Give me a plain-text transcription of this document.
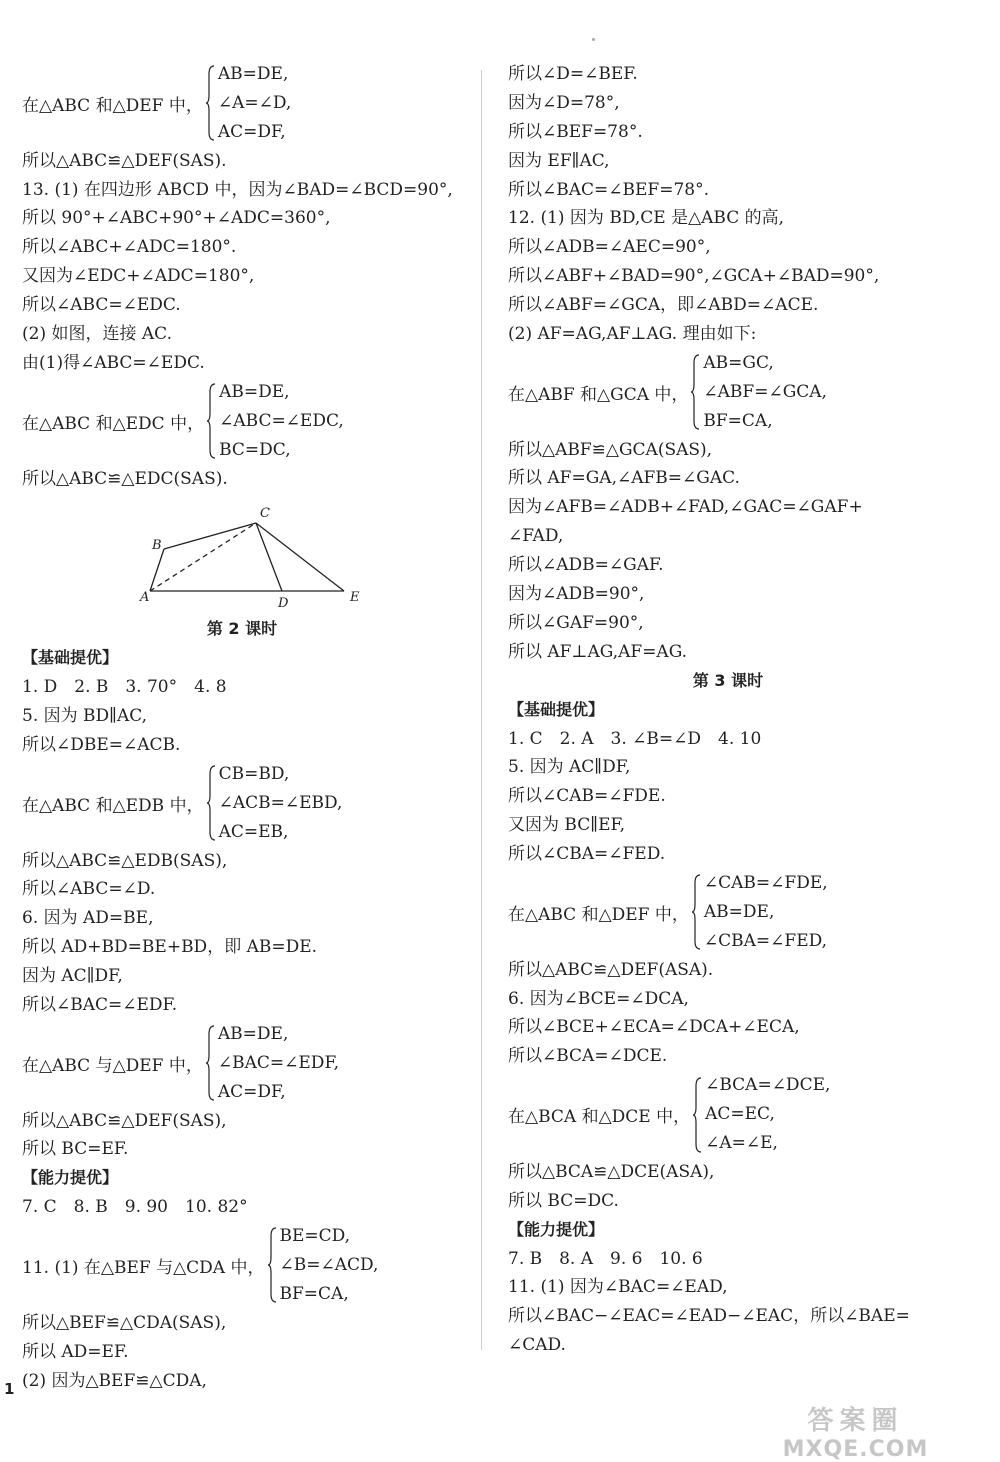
在△ABC 和△DEF 中，
AB=DE,
∠A=∠D,
AC=DF,
所以△ABC≌△DEF(SAS).
13. (1) 在四边形 ABCD 中，因为∠BAD=∠BCD=90°,
所以 90°+∠ABC+90°+∠ADC=360°,
所以∠ABC+∠ADC=180°.
又因为∠EDC+∠ADC=180°,
所以∠ABC=∠EDC.
(2) 如图，连接 AC.
由(1)得∠ABC=∠EDC.
在△ABC 和△EDC 中，
AB=DE,
∠ABC=∠EDC,
BC=DC,
所以△ABC≌△EDC(SAS).
A
B
C
D	E
第 2 课时
【基础提优】
1. D　2. B　3. 70°　4. 8
5. 因为 BD∥AC,
所以∠DBE=∠ACB.
在△ABC 和△EDB 中，
CB=BD,
∠ACB=∠EBD,
AC=EB,
所以△ABC≌△EDB(SAS),
所以∠ABC=∠D.
6. 因为 AD=BE,
所以 AD+BD=BE+BD，即 AB=DE.
因为 AC∥DF,
所以∠BAC=∠EDF.
在△ABC 与△DEF 中，
AB=DE,
∠BAC=∠EDF,
AC=DF,
所以△ABC≌△DEF(SAS),
所以 BC=EF.
【能力提优】
7. C　8. B　9. 90　10. 82°
11. (1) 在△BEF 与△CDA 中，
BE=CD,
∠B=∠ACD,
BF=CA,
所以△BEF≌△CDA(SAS),
所以 AD=EF.
(2) 因为△BEF≌△CDA,
所以∠D=∠BEF.
因为∠D=78°,
所以∠BEF=78°.
因为 EF∥AC,
所以∠BAC=∠BEF=78°.
12. (1) 因为 BD,CE 是△ABC 的高,
所以∠ADB=∠AEC=90°,
所以∠ABF+∠BAD=90°,∠GCA+∠BAD=90°,
所以∠ABF=∠GCA，即∠ABD=∠ACE.
(2) AF=AG,AF⊥AG. 理由如下:
在△ABF 和△GCA 中，
AB=GC,
∠ABF=∠GCA,
BF=CA,
所以△ABF≌△GCA(SAS),
所以 AF=GA,∠AFB=∠GAC.
因为∠AFB=∠ADB+∠FAD,∠GAC=∠GAF+
∠FAD,
所以∠ADB=∠GAF.
因为∠ADB=90°,
所以∠GAF=90°,
所以 AF⊥AG,AF=AG.
第 3 课时
【基础提优】
1. C　2. A　3. ∠B=∠D　4. 10
5. 因为 AC∥DF,
所以∠CAB=∠FDE.
又因为 BC∥EF,
所以∠CBA=∠FED.
在△ABC 和△DEF 中，
∠CAB=∠FDE,
AB=DE,
∠CBA=∠FED,
所以△ABC≌△DEF(ASA).
6. 因为∠BCE=∠DCA,
所以∠BCE+∠ECA=∠DCA+∠ECA,
所以∠BCA=∠DCE.
在△BCA 和△DCE 中，
∠BCA=∠DCE,
AC=EC,
∠A=∠E,
所以△BCA≌△DCE(ASA),
所以 BC=DC.
【能力提优】
7. B　8. A　9. 6　10. 6
11. (1) 因为∠BAC=∠EAD,
所以∠BAC−∠EAC=∠EAD−∠EAC，所以∠BAE=
∠CAD.
1
答案圈
MXQE.COM
